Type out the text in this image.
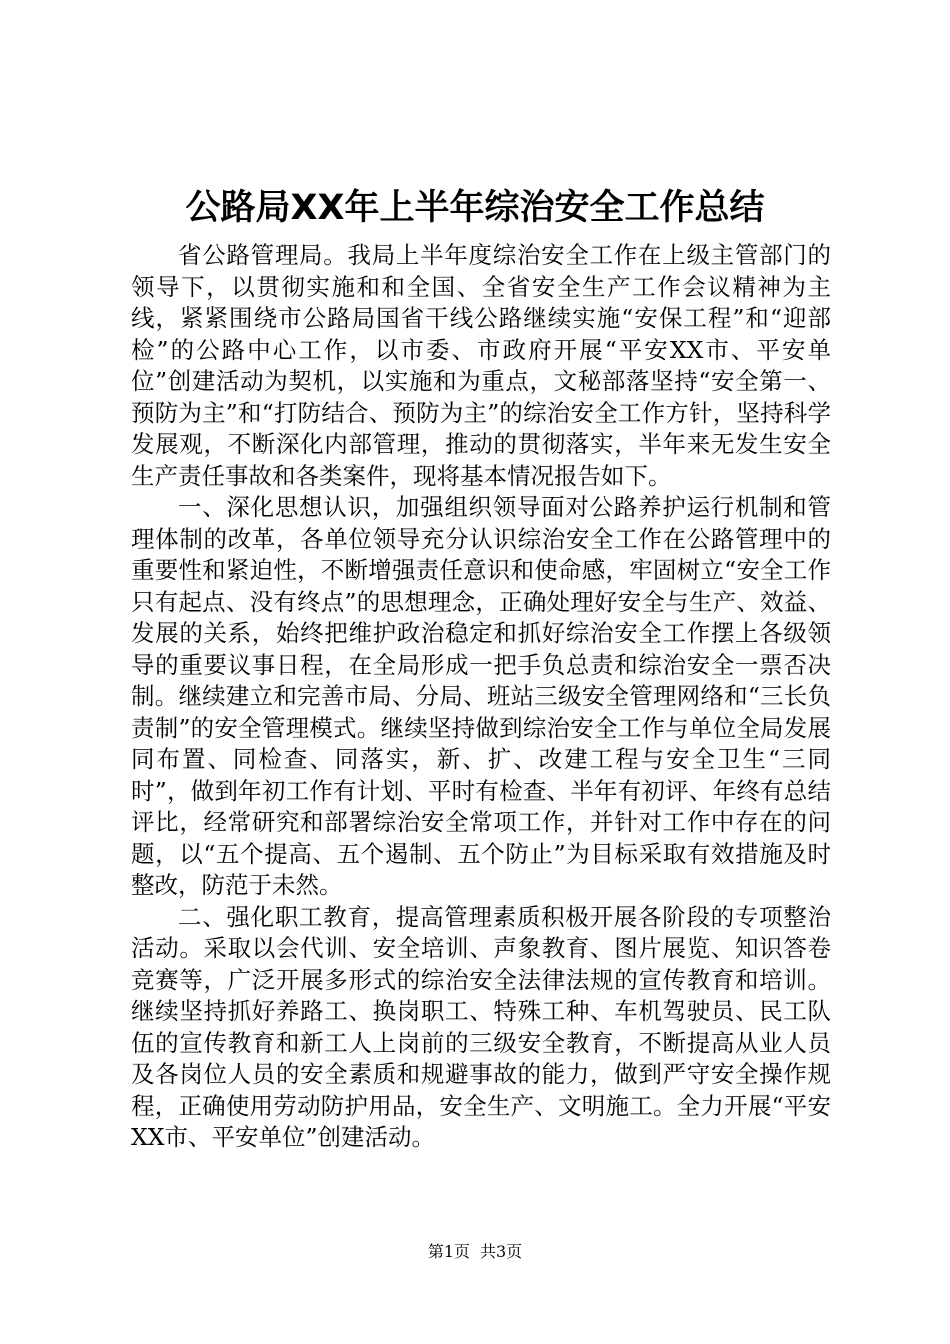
公路局XX年上半年综治安全工作总结

省公路管理局。我局上半年度综治安全工作在上级主管部门的领导下，以贯彻实施和和全国、全省安全生产工作会议精神为主线，紧紧围绕市公路局国省干线公路继续实施“安保工程”和“迎部检”的公路中心工作，以市委、市政府开展“平安XX市、平安单位”创建活动为契机，以实施和为重点，文秘部落坚持“安全第一、预防为主”和“打防结合、预防为主”的综治安全工作方针，坚持科学发展观，不断深化内部管理，推动的贯彻落实，半年来无发生安全生产责任事故和各类案件，现将基本情况报告如下。

一、深化思想认识，加强组织领导面对公路养护运行机制和管理体制的改革，各单位领导充分认识综治安全工作在公路管理中的重要性和紧迫性，不断增强责任意识和使命感，牢固树立“安全工作只有起点、没有终点”的思想理念，正确处理好安全与生产、效益、发展的关系，始终把维护政治稳定和抓好综治安全工作摆上各级领导的重要议事日程，在全局形成一把手负总责和综治安全一票否决制。继续建立和完善市局、分局、班站三级安全管理网络和“三长负责制”的安全管理模式。继续坚持做到综治安全工作与单位全局发展同布置、同检查、同落实，新、扩、改建工程与安全卫生“三同时”，做到年初工作有计划、平时有检查、半年有初评、年终有总结评比，经常研究和部署综治安全常项工作，并针对工作中存在的问题，以“五个提高、五个遏制、五个防止”为目标采取有效措施及时整改，防范于未然。

二、强化职工教育，提高管理素质积极开展各阶段的专项整治活动。采取以会代训、安全培训、声象教育、图片展览、知识答卷竞赛等，广泛开展多形式的综治安全法律法规的宣传教育和培训。继续坚持抓好养路工、换岗职工、特殊工种、车机驾驶员、民工队伍的宣传教育和新工人上岗前的三级安全教育，不断提高从业人员及各岗位人员的安全素质和规避事故的能力，做到严守安全操作规程，正确使用劳动防护用品，安全生产、文明施工。全力开展“平安XX市、平安单位”创建活动。

第1页 共3页
